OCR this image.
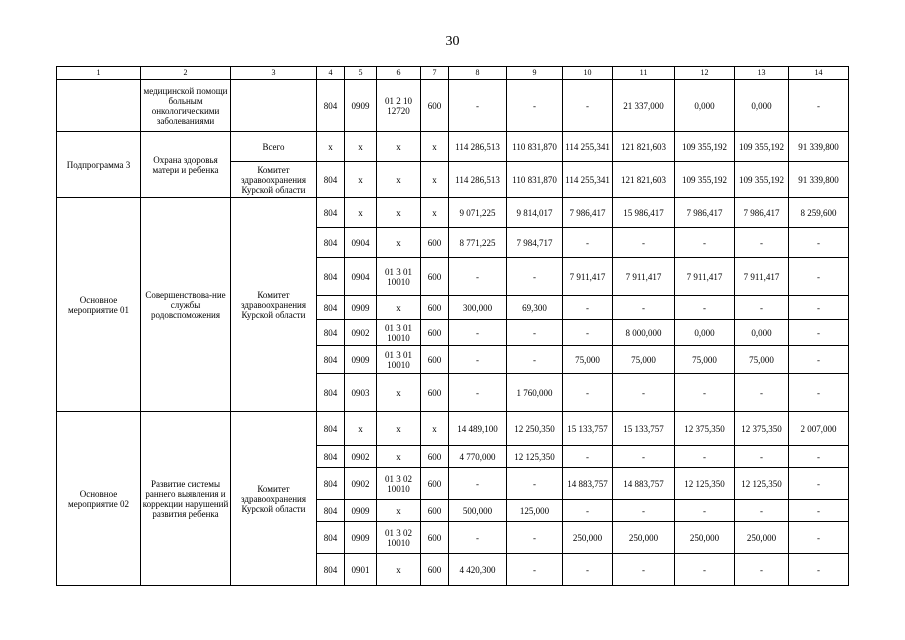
30
1	2	3	4	5	6	7	8	9	10	11	12	13	14
	медицинской помощи больным онкологическими заболеваниями		804	0909	01 2 10 12720	600	-	-	-	21 337,000	0,000	0,000	-
Подпрограмма 3	Охрана здоровья матери и ребенка	Всего	x	x	x	x	114 286,513	110 831,870	114 255,341	121 821,603	109 355,192	109 355,192	91 339,800
		Комитет здравоохранения Курской области	804	x	x	x	114 286,513	110 831,870	114 255,341	121 821,603	109 355,192	109 355,192	91 339,800
Основное мероприятие 01	Совершенствова-ние службы родовспоможения	Комитет здравоохранения Курской области	804	x	x	x	9 071,225	9 814,017	7 986,417	15 986,417	7 986,417	7 986,417	8 259,600
			804	0904	x	600	8 771,225	7 984,717	-	-	-	-	-
			804	0904	01 3 01 10010	600	-	-	7 911,417	7 911,417	7 911,417	7 911,417	-
			804	0909	x	600	300,000	69,300	-	-	-	-	-
			804	0902	01 3 01 10010	600	-	-	-	8 000,000	0,000	0,000	-
			804	0909	01 3 01 10010	600	-	-	75,000	75,000	75,000	75,000	-
			804	0903	x	600	-	1 760,000	-	-	-	-	-
Основное мероприятие 02	Развитие системы раннего выявления и коррекции нарушений развития ребенка	Комитет здравоохранения Курской области	804	x	x	x	14 489,100	12 250,350	15 133,757	15 133,757	12 375,350	12 375,350	2 007,000
			804	0902	x	600	4 770,000	12 125,350	-	-	-	-	-
			804	0902	01 3 02 10010	600	-	-	14 883,757	14 883,757	12 125,350	12 125,350	-
			804	0909	x	600	500,000	125,000	-	-	-	-	-
			804	0909	01 3 02 10010	600	-	-	250,000	250,000	250,000	250,000	-
			804	0901	x	600	4 420,300	-	-	-	-	-	-
